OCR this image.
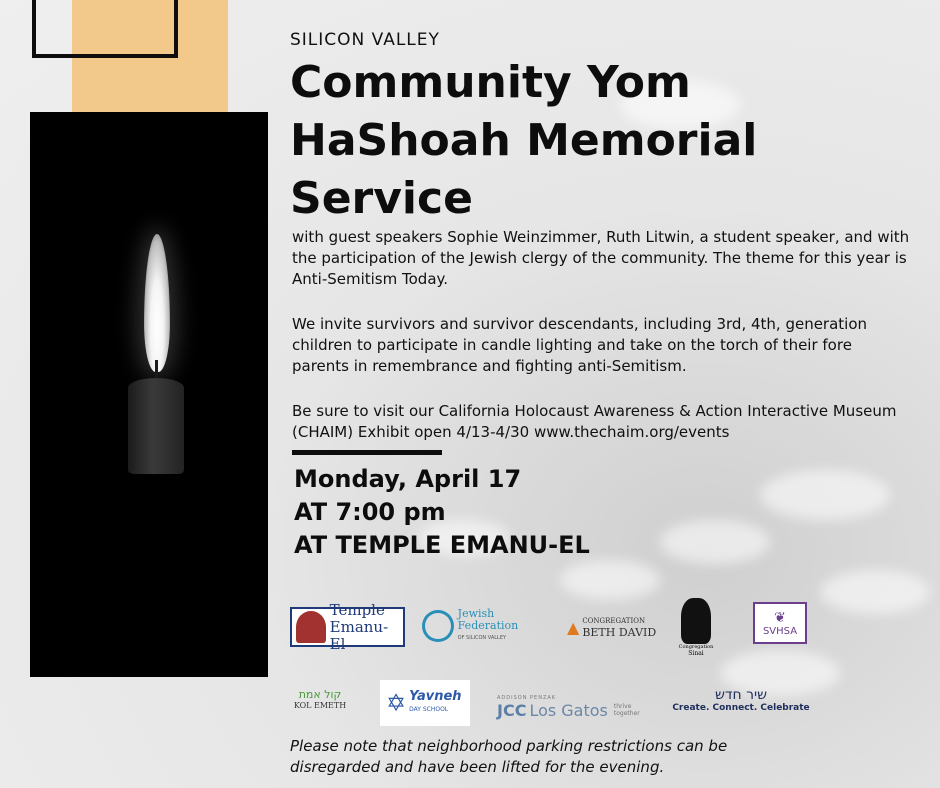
SILICON VALLEY
Community Yom HaShoah Memorial Service

with guest speakers Sophie Weinzimmer, Ruth Litwin, a student speaker, and with the participation of the Jewish clergy of the community. The theme for this year is Anti-Semitism Today.

We invite survivors and survivor descendants, including 3rd, 4th, generation children to participate in candle lighting and take on the torch of their fore parents in remembrance and fighting anti-Semitism.

Be sure to visit our California Holocaust Awareness & Action Interactive Museum (CHAIM) Exhibit open 4/13-4/30 www.thechaim.org/events

Monday, April 17
AT 7:00 pm
AT TEMPLE EMANU-EL
Temple
Emanu-El
Jewish Federation
OF SILICON VALLEY
▲ CONGREGATION
BETH DAVID
Congregation
Sinai
❦
SVHSA
קול אמת
KOL EMETH ✡ Yavneh
DAY SCHOOL
ADDISON PENZAK
JCC Los Gatos thrive together
שיר חדש
Create. Connect. Celebrate

Please note that neighborhood parking restrictions can be disregarded and have been lifted for the evening.
